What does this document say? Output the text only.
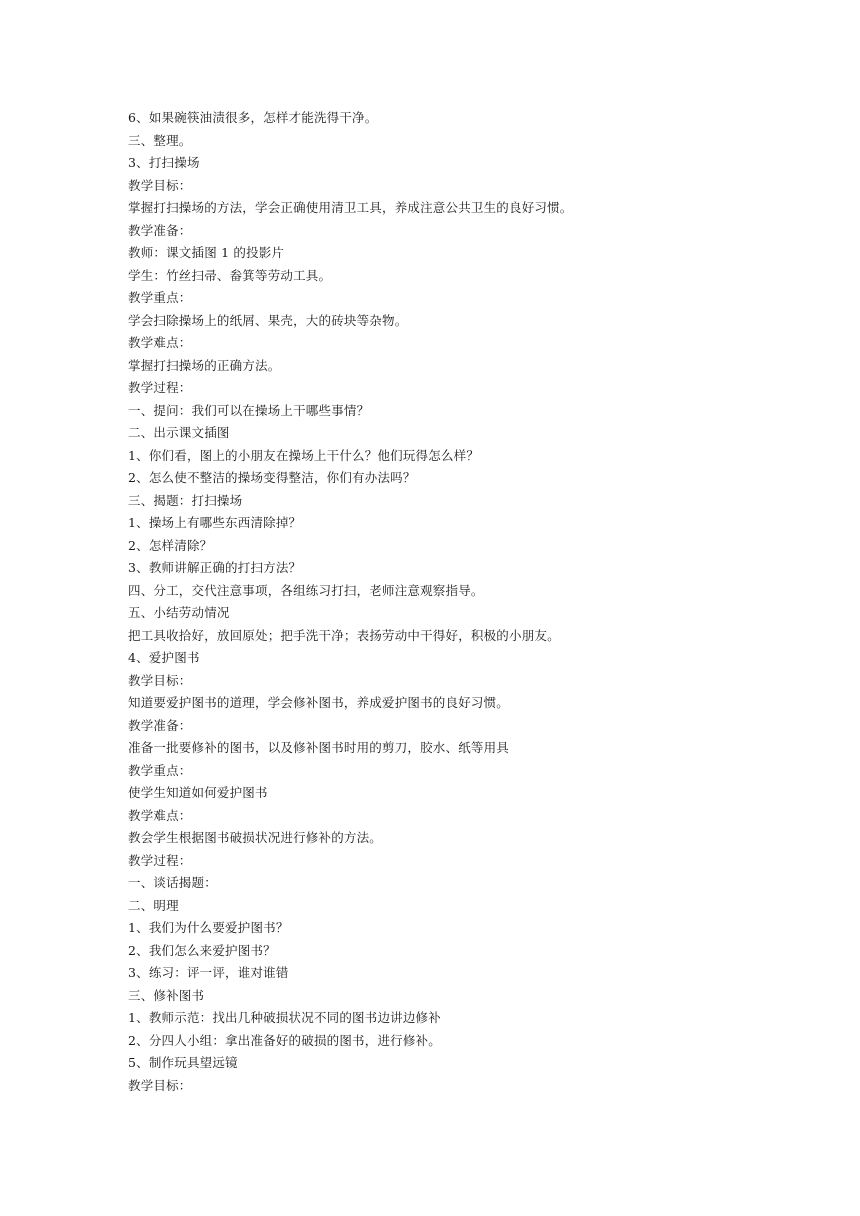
6、如果碗筷油渍很多，怎样才能洗得干净。
三、整理。
3、打扫操场
教学目标：
掌握打扫操场的方法，学会正确使用清卫工具，养成注意公共卫生的良好习惯。
教学准备：
教师：课文插图 1 的投影片
学生：竹丝扫帚、畚箕等劳动工具。
教学重点：
学会扫除操场上的纸屑、果壳，大的砖块等杂物。
教学难点：
掌握打扫操场的正确方法。
教学过程：
一、提问：我们可以在操场上干哪些事情？
二、出示课文插图
1、你们看，图上的小朋友在操场上干什么？他们玩得怎么样？
2、怎么使不整洁的操场变得整洁，你们有办法吗？
三、揭题：打扫操场
1、操场上有哪些东西清除掉？
2、怎样清除？
3、教师讲解正确的打扫方法？
四、分工，交代注意事项，各组练习打扫，老师注意观察指导。
五、小结劳动情况
把工具收拾好，放回原处；把手洗干净；表扬劳动中干得好，积极的小朋友。
4、爱护图书
教学目标：
知道要爱护图书的道理，学会修补图书，养成爱护图书的良好习惯。
教学准备：
准备一批要修补的图书，以及修补图书时用的剪刀，胶水、纸等用具
教学重点：
使学生知道如何爱护图书
教学难点：
教会学生根据图书破损状况进行修补的方法。
教学过程：
一、谈话揭题：
二、明理
1、我们为什么要爱护图书？
2、我们怎么来爱护图书？
3、练习：评一评，谁对谁错
三、修补图书
1、教师示范：找出几种破损状况不同的图书边讲边修补
2、分四人小组：拿出准备好的破损的图书，进行修补。
5、制作玩具望远镜
教学目标：
